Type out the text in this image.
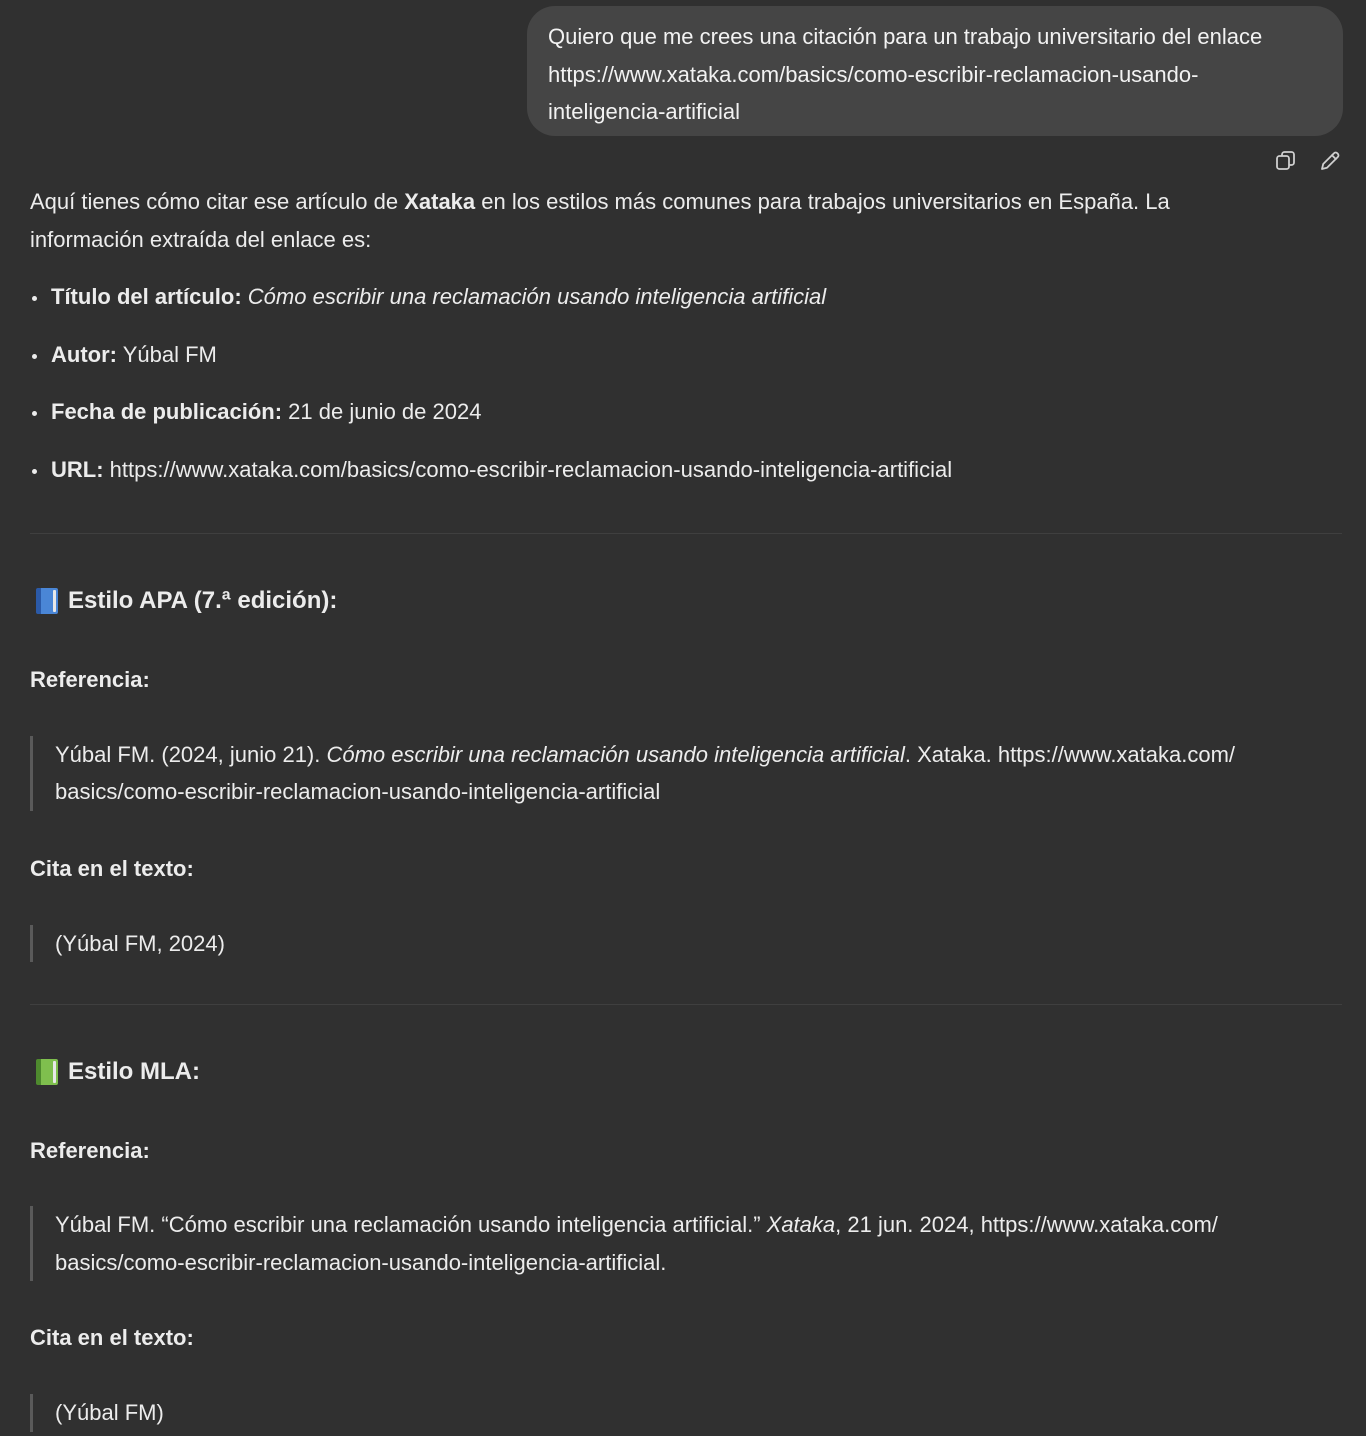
Quiero que me crees una citación para un trabajo universitario del enlace
https://www.xataka.com/basics/como-escribir-reclamacion-usando-
inteligencia-artificial

Aquí tienes cómo citar ese artículo de Xataka en los estilos más comunes para trabajos universitarios en España. La
información extraída del enlace es:

Título del artículo: Cómo escribir una reclamación usando inteligencia artificial
Autor: Yúbal FM
Fecha de publicación: 21 de junio de 2024
URL: https://www.xataka.com/basics/como-escribir-reclamacion-usando-inteligencia-artificial
Estilo APA (7.ª edición):
Referencia:
Yúbal FM. (2024, junio 21). Cómo escribir una reclamación usando inteligencia artificial. Xataka. https://www.xataka.com/
basics/como-escribir-reclamacion-usando-inteligencia-artificial
Cita en el texto:
(Yúbal FM, 2024)
Estilo MLA:
Referencia:
Yúbal FM. “Cómo escribir una reclamación usando inteligencia artificial.” Xataka, 21 jun. 2024, https://www.xataka.com/
basics/como-escribir-reclamacion-usando-inteligencia-artificial.
Cita en el texto:
(Yúbal FM)
